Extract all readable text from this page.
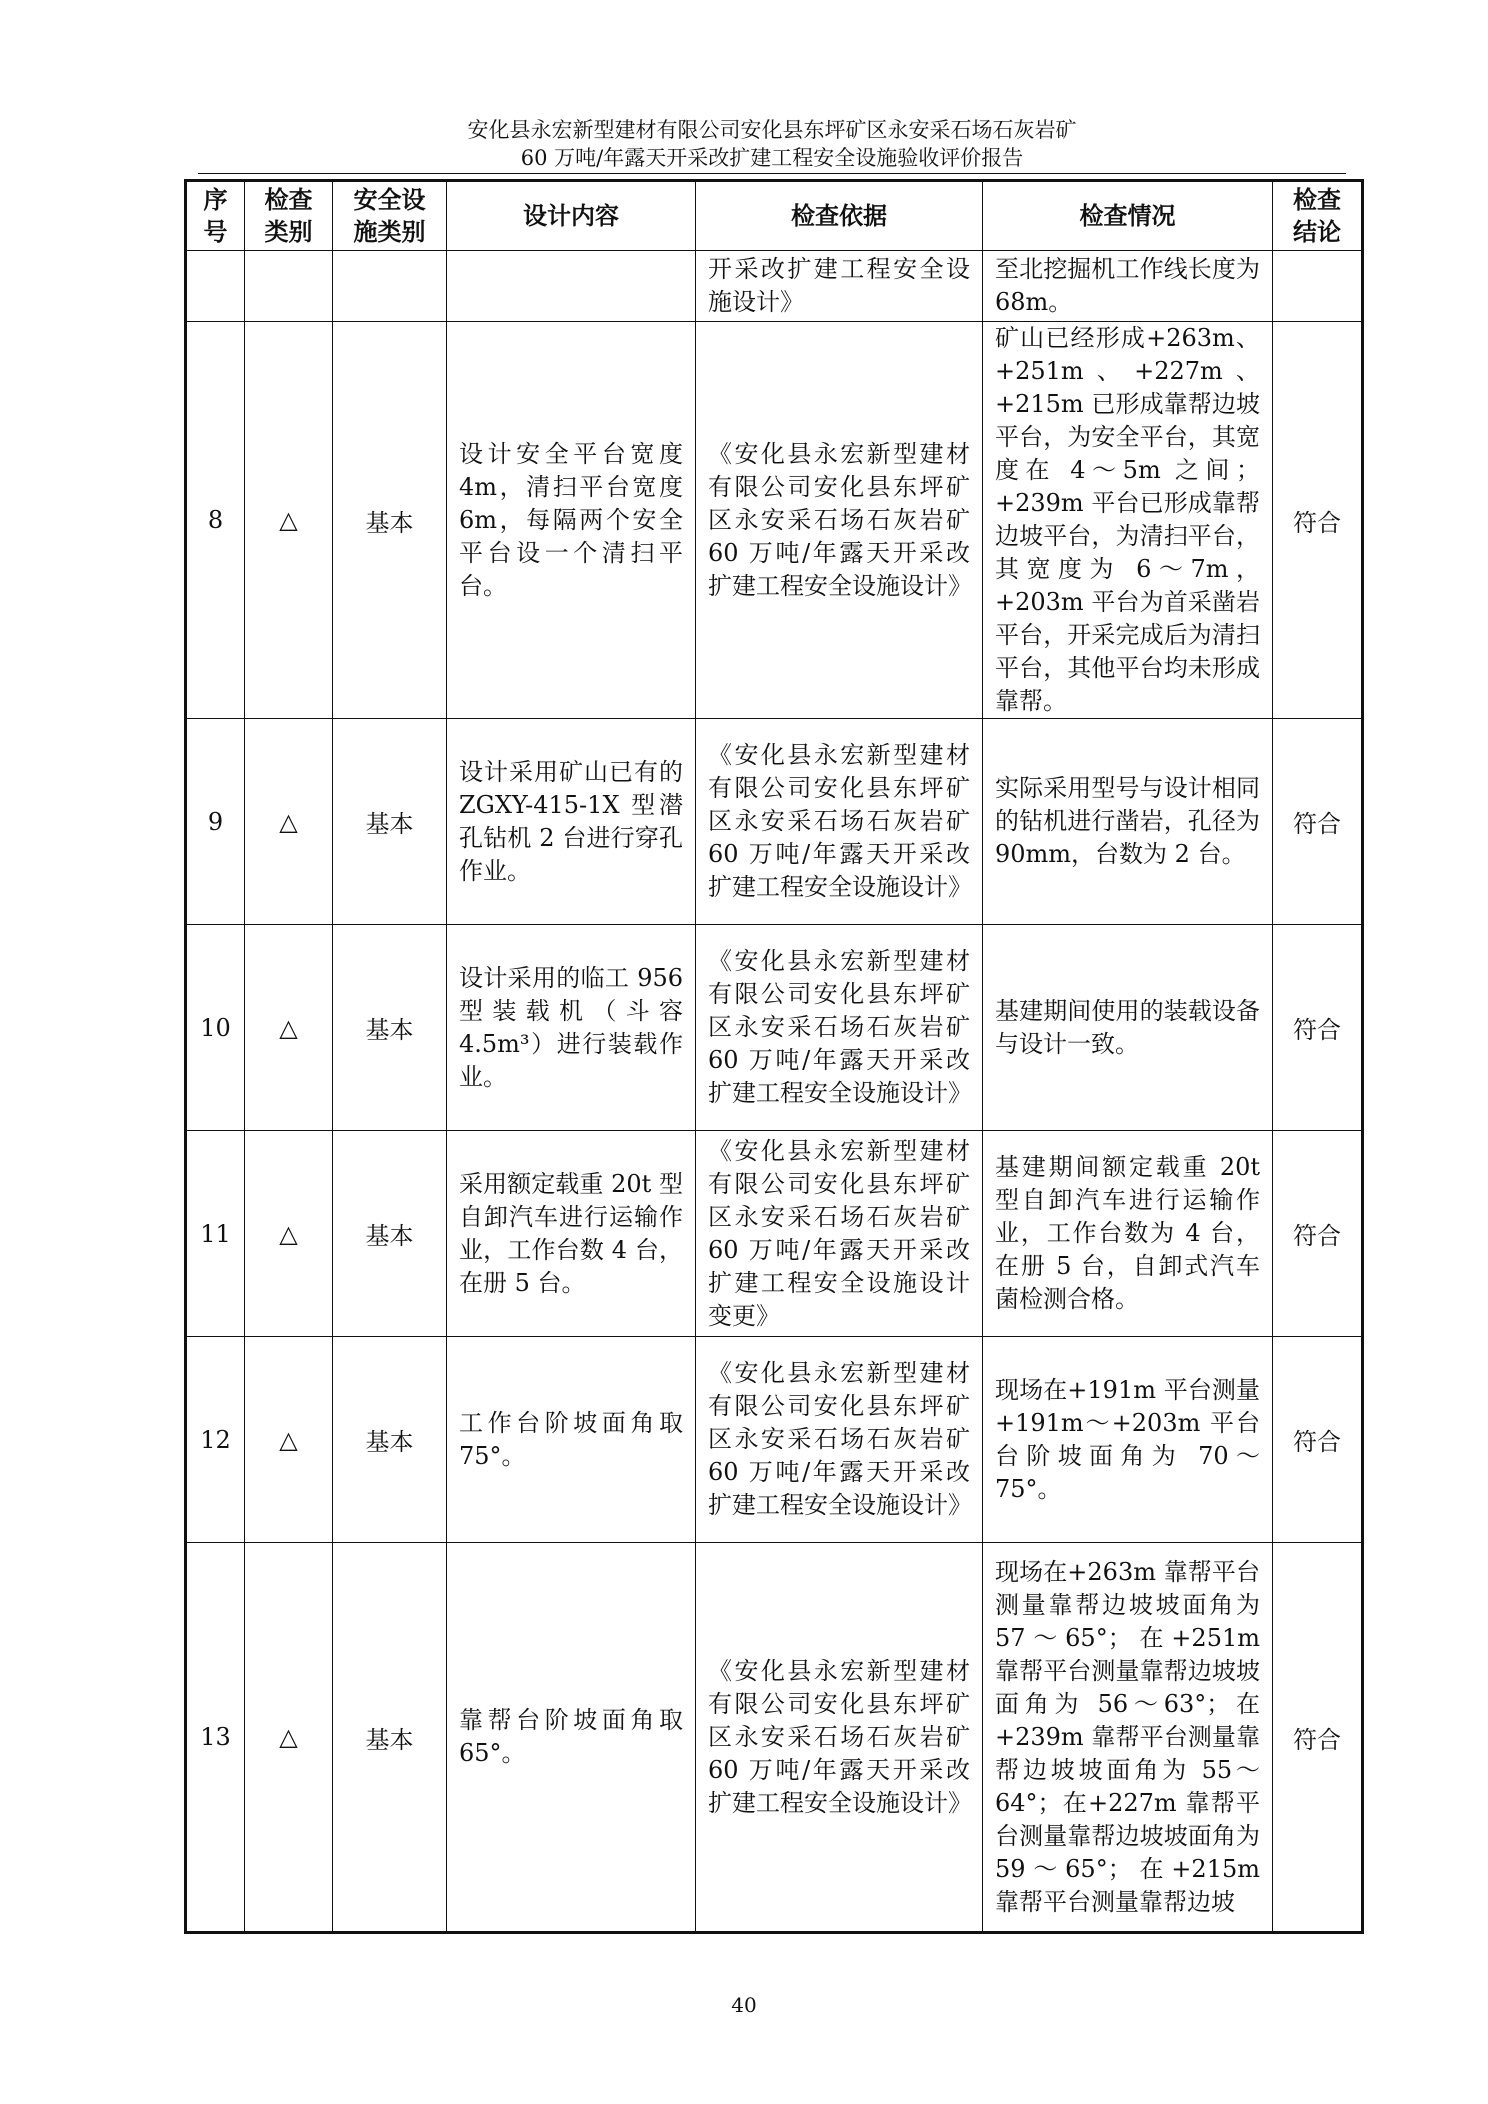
安化县永宏新型建材有限公司安化县东坪矿区永安采石场石灰岩矿
60 万吨/年露天开采改扩建工程安全设施验收评价报告
序号	检查类别	安全设施类别	设计内容	检查依据	检查情况	检查结论
				开采改扩建工程安全设施设计》	至北挖掘机工作线长度为 68m。	
8	△	基本	设计安全平台宽度4m，清扫平台宽度6m，每隔两个安全平台设一个清扫平台。	《安化县永宏新型建材有限公司安化县东坪矿区永安采石场石灰岩矿 60 万吨/年露天开采改扩建工程安全设施设计》	矿山已经形成+263m、+251m、+227m、+215m 已形成靠帮边坡平台，为安全平台，其宽度在 4～5m 之间；+239m 平台已形成靠帮边坡平台，为清扫平台，其宽度为 6～7m，+203m 平台为首采凿岩平台，开采完成后为清扫平台，其他平台均未形成靠帮。	符合
9	△	基本	设计采用矿山已有的 ZGXY-415-1X 型潜孔钻机 2 台进行穿孔作业。	《安化县永宏新型建材有限公司安化县东坪矿区永安采石场石灰岩矿 60 万吨/年露天开采改扩建工程安全设施设计》	实际采用型号与设计相同的钻机进行凿岩，孔径为 90mm，台数为 2 台。	符合
10	△	基本	设计采用的临工 956 型装载机（斗容 4.5m³）进行装载作业。	《安化县永宏新型建材有限公司安化县东坪矿区永安采石场石灰岩矿 60 万吨/年露天开采改扩建工程安全设施设计》	基建期间使用的装载设备与设计一致。	符合
11	△	基本	采用额定载重 20t 型自卸汽车进行运输作业，工作台数 4 台，在册 5 台。	《安化县永宏新型建材有限公司安化县东坪矿区永安采石场石灰岩矿 60 万吨/年露天开采改扩建工程安全设施设计变更》	基建期间额定载重 20t 型自卸汽车进行运输作业，工作台数为 4 台，在册 5 台，自卸式汽车菌检测合格。	符合
12	△	基本	工作台阶坡面角取 75°。	《安化县永宏新型建材有限公司安化县东坪矿区永安采石场石灰岩矿 60 万吨/年露天开采改扩建工程安全设施设计》	现场在+191m 平台测量+191m～+203m 平台台阶坡面角为 70～75°。	符合
13	△	基本	靠帮台阶坡面角取 65°。	《安化县永宏新型建材有限公司安化县东坪矿区永安采石场石灰岩矿 60 万吨/年露天开采改扩建工程安全设施设计》	现场在+263m 靠帮平台测量靠帮边坡坡面角为 57～65°；在+251m 靠帮平台测量靠帮边坡坡面角为 56～63°；在+239m 靠帮平台测量靠帮边坡坡面角为 55～64°；在+227m 靠帮平台测量靠帮边坡坡面角为 59～65°；在+215m 靠帮平台测量靠帮边坡	符合
40
